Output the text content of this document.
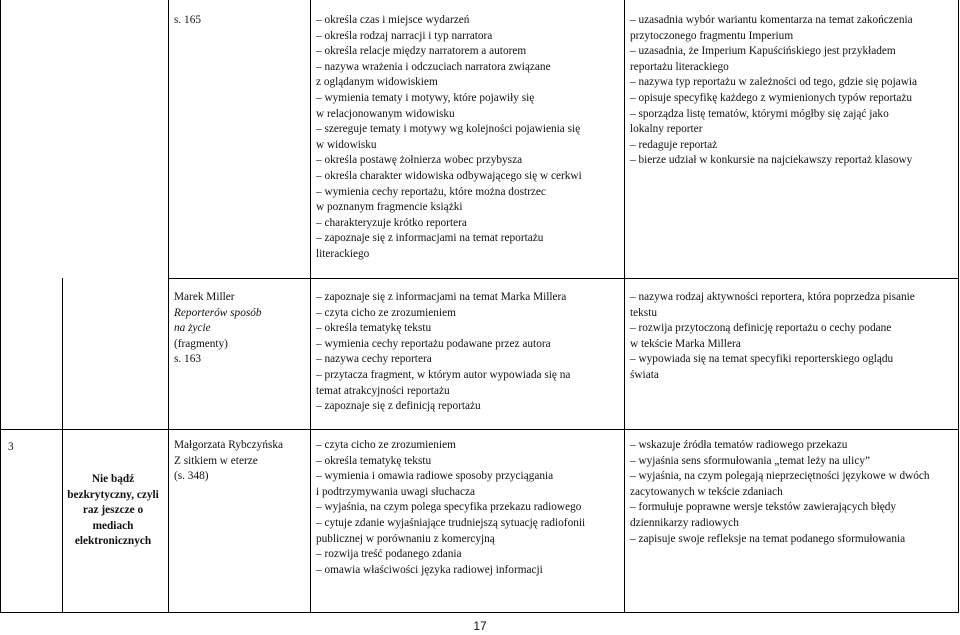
s. 165	– określa czas i miejsce wydarzeń
– określa rodzaj narracji i typ narratora
– określa relacje między narratorem a autorem
– nazywa wrażenia i odczuciach narratora związane
z oglądanym widowiskiem
– wymienia tematy i motywy, które pojawiły się
w relacjonowanym widowisku
– szereguje tematy i motywy wg kolejności pojawienia się
w widowisku
– określa postawę żołnierza wobec przybysza
– określa charakter widowiska odbywającego się w cerkwi
– wymienia cechy reportażu, które można dostrzec
w poznanym fragmencie książki
– charakteryzuje krótko reportera
– zapoznaje się z informacjami na temat reportażu
literackiego
– uzasadnia wybór wariantu komentarza na temat zakończenia
przytoczonego fragmentu Imperium
– uzasadnia, że Imperium Kapuścińskiego jest przykładem
reportażu literackiego
– nazywa typ reportażu w zależności od tego, gdzie się pojawia
– opisuje specyfikę każdego z wymienionych typów reportażu
– sporządza listę tematów, którymi mógłby się zająć jako
lokalny reporter
– redaguje reportaż
– bierze udział w konkursie na najciekawszy reportaż klasowy
Marek Miller
Reporterów sposób
na życie
(fragmenty)
s. 163
– zapoznaje się z informacjami na temat Marka Millera
– czyta cicho ze zrozumieniem
– określa tematykę tekstu
– wymienia cechy reportażu podawane przez autora
– nazywa cechy reportera
– przytacza fragment, w którym autor wypowiada się na
temat atrakcyjności reportażu
– zapoznaje się z definicją reportażu
– nazywa rodzaj aktywności reportera, która poprzedza pisanie
tekstu
– rozwija przytoczoną definicję reportażu o cechy podane
w tekście Marka Millera
– wypowiada się na temat specyfiki reporterskiego oglądu
świata
3
Nie bądź bezkrytyczny, czyli raz jeszcze o mediach elektronicznych
Małgorzata Rybczyńska
Z sitkiem w eterze
(s. 348)
– czyta cicho ze zrozumieniem
– określa tematykę tekstu
– wymienia i omawia radiowe sposoby przyciągania
i podtrzymywania uwagi słuchacza
– wyjaśnia, na czym polega specyfika przekazu radiowego
– cytuje zdanie wyjaśniające trudniejszą sytuację radiofonii
publicznej w porównaniu z komercyjną
– rozwija treść podanego zdania
– omawia właściwości języka radiowej informacji
– wskazuje źródła tematów radiowego przekazu
– wyjaśnia sens sformułowania „temat leży na ulicy”
– wyjaśnia, na czym polegają nieprzeciętności językowe w dwóch
zacytowanych w tekście zdaniach
– formułuje poprawne wersje tekstów zawierających błędy
dziennikarzy radiowych
– zapisuje swoje refleksje na temat podanego sformułowania
17
